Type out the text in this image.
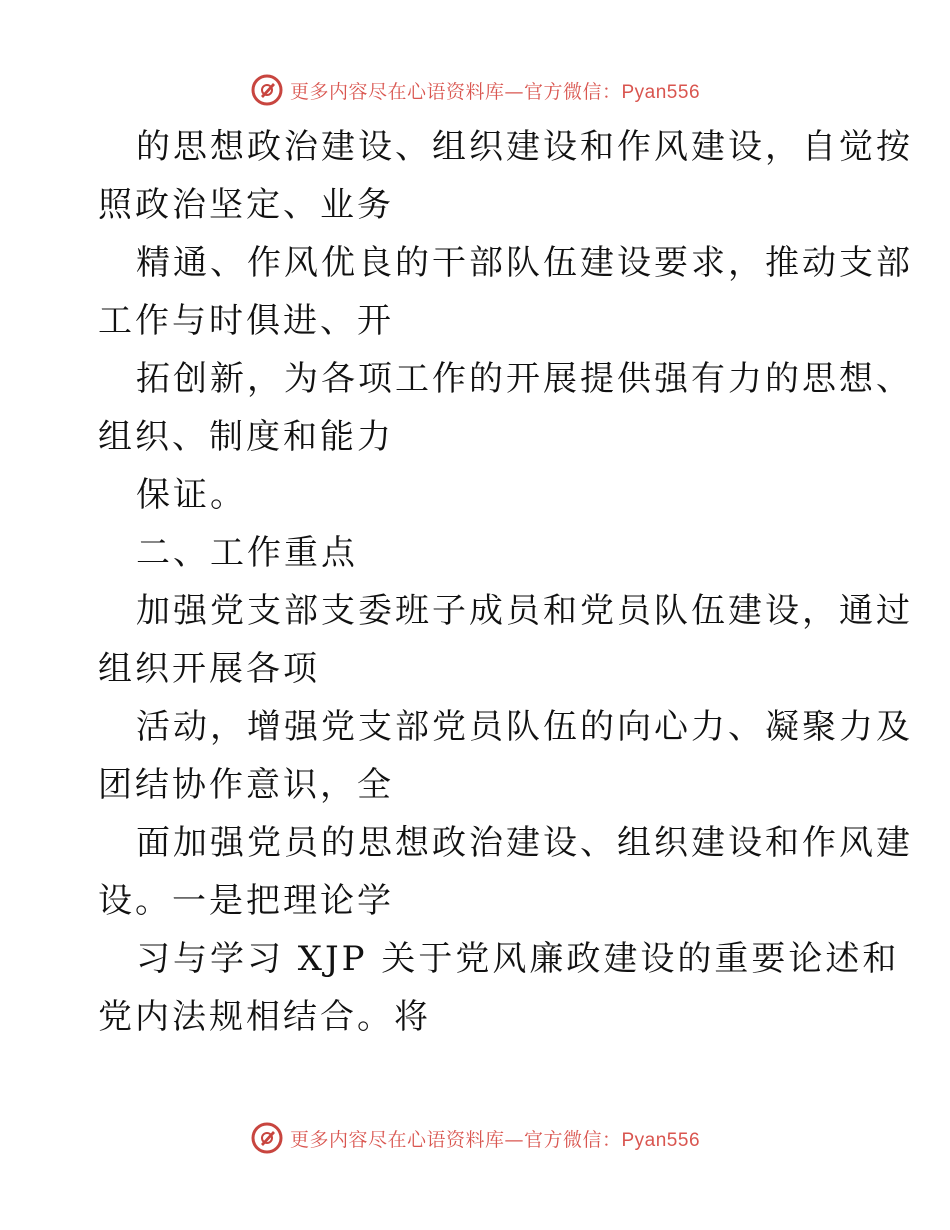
更多内容尽在心语资料库—官方微信：Pyan556
的思想政治建设、组织建设和作风建设，自觉按
照政治坚定、业务
精通、作风优良的干部队伍建设要求，推动支部
工作与时俱进、开
拓创新，为各项工作的开展提供强有力的思想、
组织、制度和能力
保证。
二、工作重点
加强党支部支委班子成员和党员队伍建设，通过
组织开展各项
活动，增强党支部党员队伍的向心力、凝聚力及
团结协作意识，全
面加强党员的思想政治建设、组织建设和作风建
设。一是把理论学
习与学习 XJP 关于党风廉政建设的重要论述和
党内法规相结合。将
更多内容尽在心语资料库—官方微信：Pyan556
